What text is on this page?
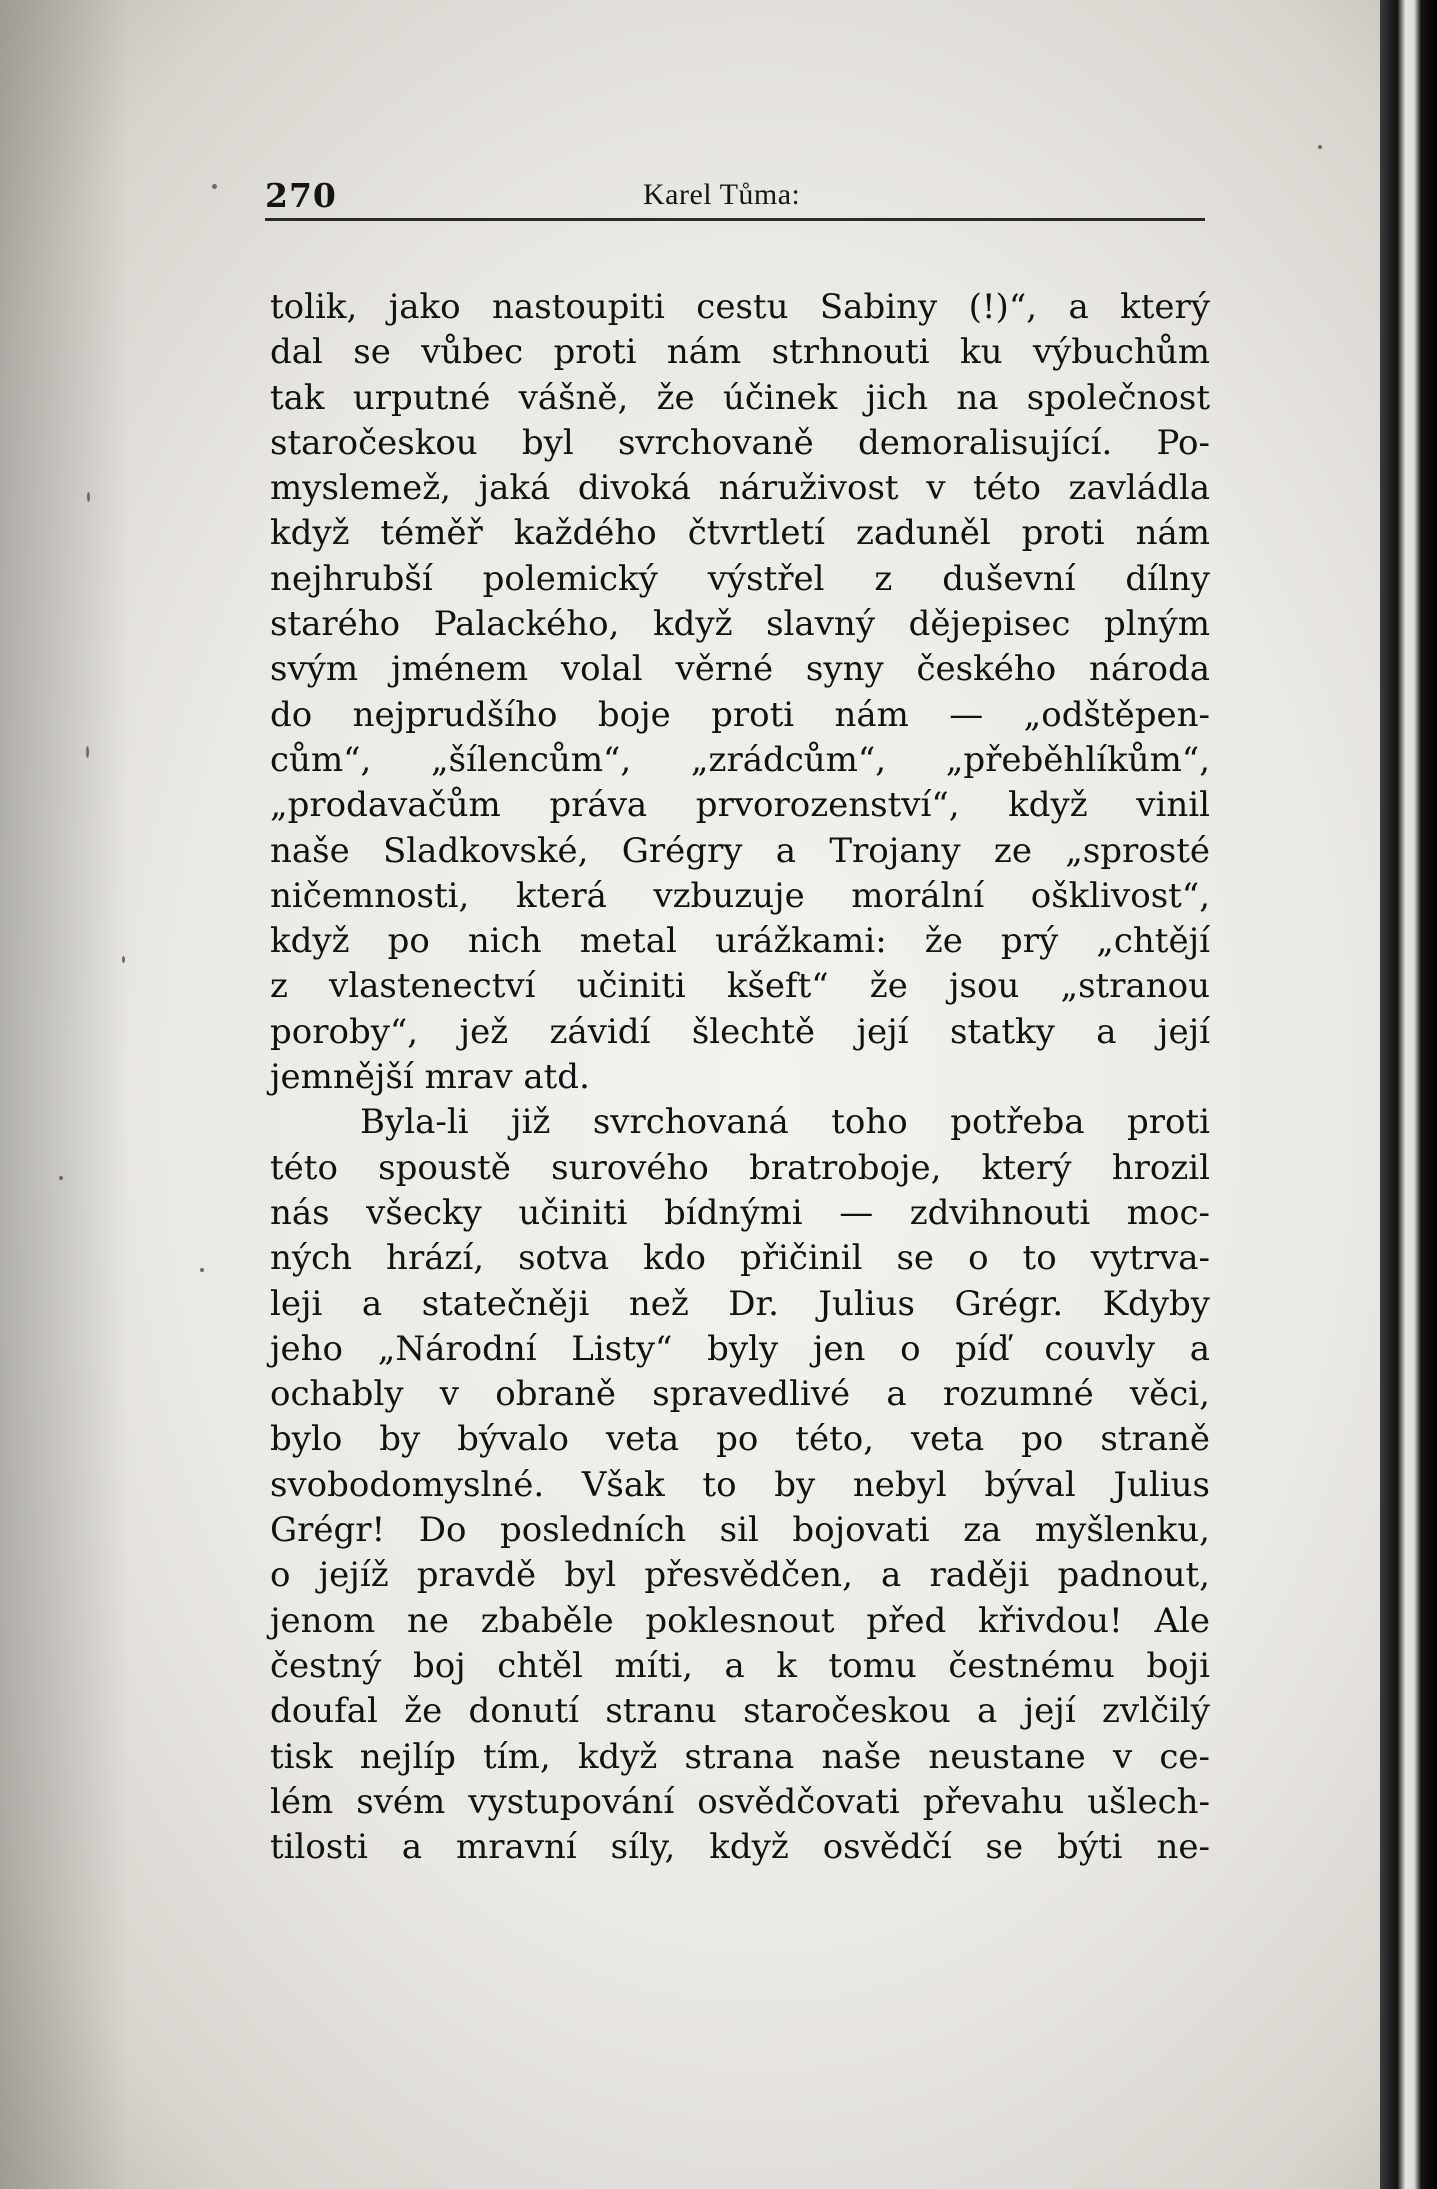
270	Karel Tůma:
tolik, jako nastoupiti cestu Sabiny (!)“, a který
dal se vůbec proti nám strhnouti ku výbuchům
tak urputné vášně, že účinek jich na společnost
staročeskou byl svrchovaně demoralisující. Po-
myslemež, jaká divoká náruživost v této zavládla
když téměř každého čtvrtletí zaduněl proti nám
nejhrubší polemický výstřel z duševní dílny
starého Palackého, když slavný dějepisec plným
svým jménem volal věrné syny českého národa
do nejprudšího boje proti nám — „odštěpen-
cům“, „šílencům“, „zrádcům“, „přeběhlíkům“,
„prodavačům práva prvorozenství“, když vinil
naše Sladkovské, Grégry a Trojany ze „sprosté
ničemnosti, která vzbuzuje morální ošklivost“,
když po nich metal urážkami: že prý „chtějí
z vlastenectví učiniti kšeft“ že jsou „stranou
poroby“, jež závidí šlechtě její statky a její
jemnější mrav atd.
Byla-li již svrchovaná toho potřeba proti
této spoustě surového bratroboje, který hrozil
nás všecky učiniti bídnými — zdvihnouti moc-
ných hrází, sotva kdo přičinil se o to vytrva-
leji a statečněji než Dr. Julius Grégr. Kdyby
jeho „Národní Listy“ byly jen o píď couvly a
ochably v obraně spravedlivé a rozumné věci,
bylo by bývalo veta po této, veta po straně
svobodomyslné. Však to by nebyl býval Julius
Grégr! Do posledních sil bojovati za myšlenku,
o jejíž pravdě byl přesvědčen, a raději padnout,
jenom ne zbaběle poklesnout před křivdou! Ale
čestný boj chtěl míti, a k tomu čestnému boji
doufal že donutí stranu staročeskou a její zvlčilý
tisk nejlíp tím, když strana naše neustane v ce-
lém svém vystupování osvědčovati převahu ušlech-
tilosti a mravní síly, když osvědčí se býti ne-
